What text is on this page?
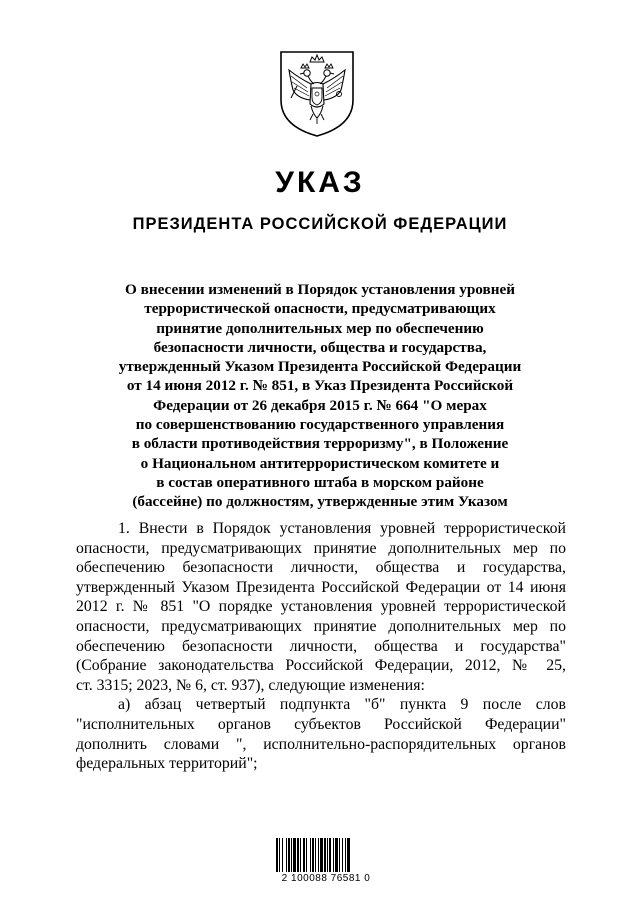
УКАЗ
ПРЕЗИДЕНТА РОССИЙСКОЙ ФЕДЕРАЦИИ
О внесении изменений в Порядок установления уровней
террористической опасности, предусматривающих
принятие дополнительных мер по обеспечению
безопасности личности, общества и государства,
утвержденный Указом Президента Российской Федерации
от 14 июня 2012 г. № 851, в Указ Президента Российской
Федерации от 26 декабря 2015 г. № 664 "О мерах
по совершенствованию государственного управления
в области противодействия терроризму", в Положение
о Национальном антитеррористическом комитете и
в состав оперативного штаба в морском районе
(бассейне) по должностям, утвержденные этим Указом
1. Внести в Порядок установления уровней террористической
опасности, предусматривающих принятие дополнительных мер по
обеспечению безопасности личности, общества и государства,
утвержденный Указом Президента Российской Федерации от 14 июня
2012 г. № 851 "О порядке установления уровней террористической
опасности, предусматривающих принятие дополнительных мер по
обеспечению безопасности личности, общества и государства"
(Собрание законодательства Российской Федерации, 2012, № 25,
ст. 3315; 2023, № 6, ст. 937), следующие изменения:
а) абзац четвертый подпункта "б" пункта 9 после слов
"исполнительных органов субъектов Российской Федерации"
дополнить словами ", исполнительно-распорядительных органов
федеральных территорий";
2 100088 76581 0
